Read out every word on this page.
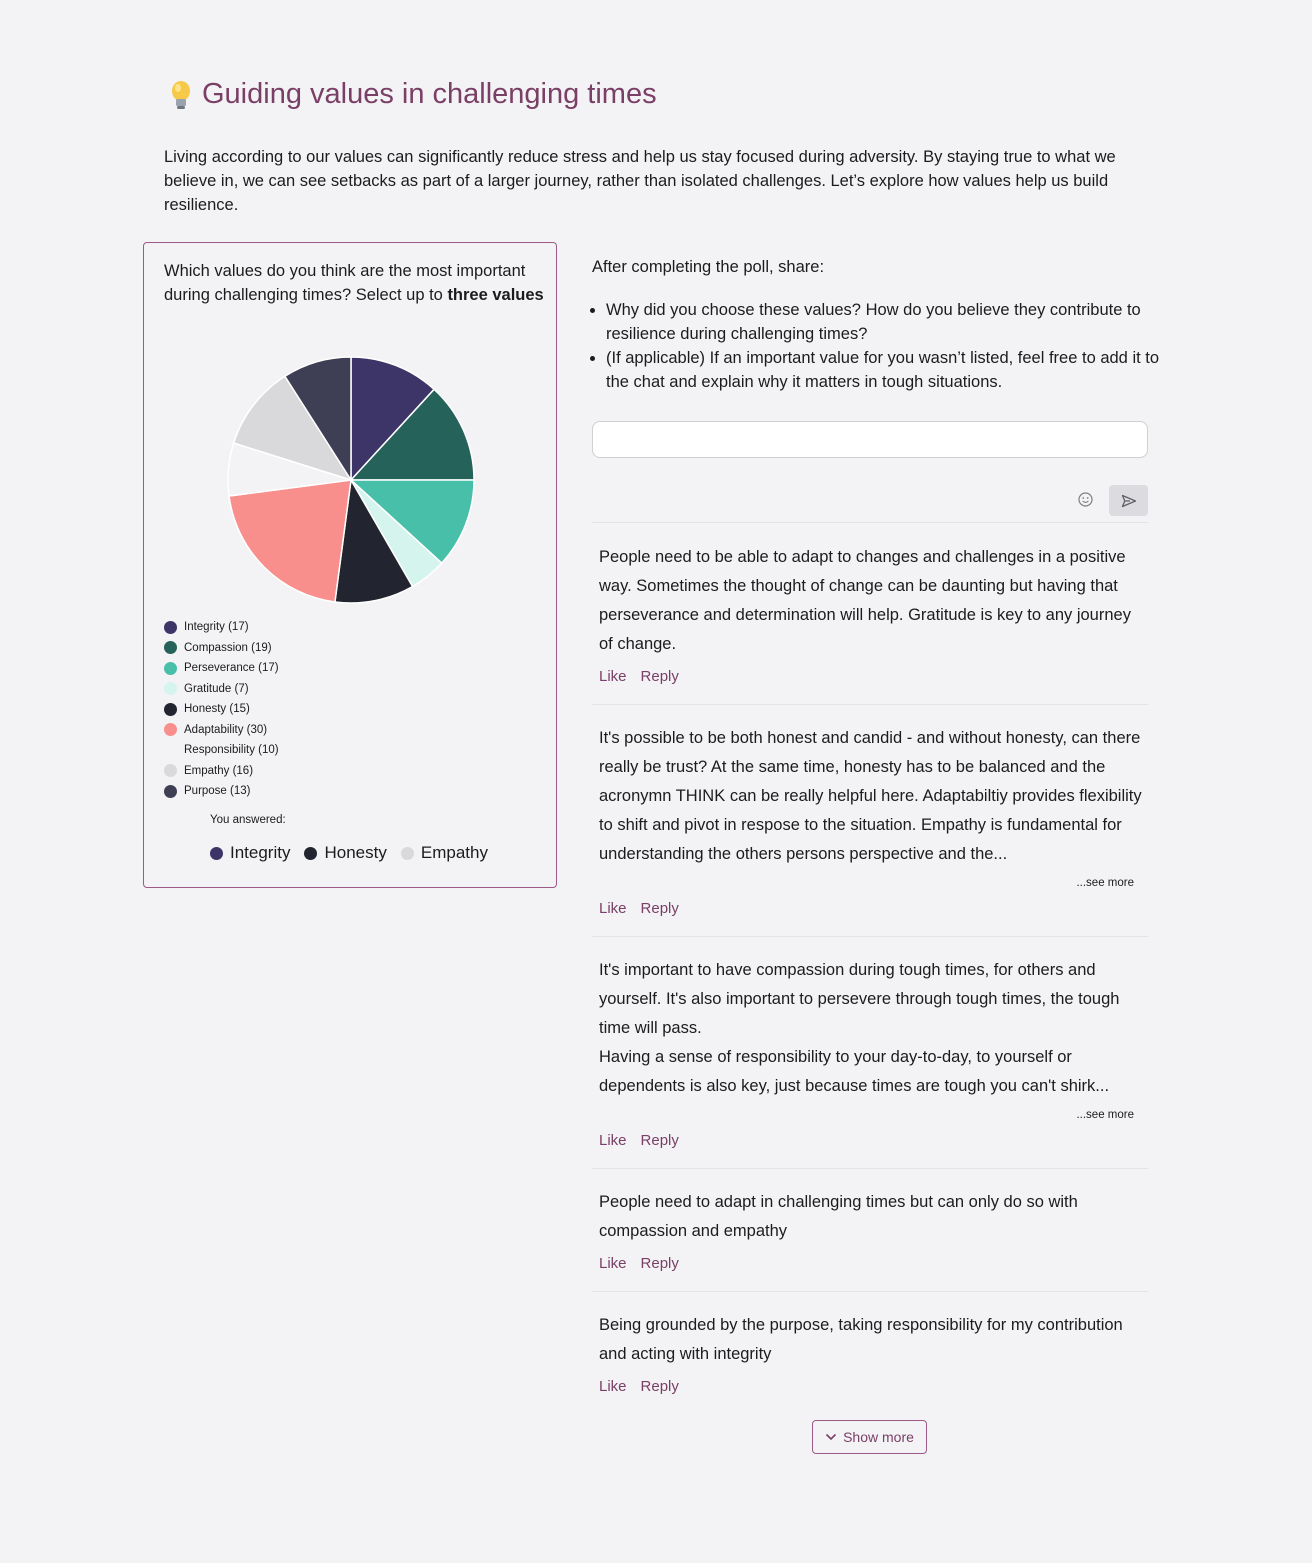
Guiding values in challenging times

Living according to our values can significantly reduce stress and help us stay focused during adversity. By staying true to what we believe in, we can see setbacks as part of a larger journey, rather than isolated challenges. Let’s explore how values help us build resilience.

Which values do you think are the most important during challenging times? Select up to three values

Integrity (17)
Compassion (19)
Perseverance (17)
Gratitude (7)
Honesty (15)
Adaptability (30)
Responsibility (10)
Empathy (16)
Purpose (13)
You answered:
Integrity Honesty Empathy

After completing the poll, share:

• Why did you choose these values? How do you believe they contribute to resilience during challenging times?
• (If applicable) If an important value for you wasn’t listed, feel free to add it to the chat and explain why it matters in tough situations.

People need to be able to adapt to changes and challenges in a positive way. Sometimes the thought of change can be daunting but having that perseverance and determination will help. Gratitude is key to any journey of change.

Like Reply

It's possible to be both honest and candid - and without honesty, can there really be trust? At the same time, honesty has to be balanced and the acronymn THINK can be really helpful here. Adaptabiltiy provides flexibility to shift and pivot in respose to the situation. Empathy is fundamental for understanding the others persons perspective and the...

...see more
Like Reply

It's important to have compassion during tough times, for others and yourself. It's also important to persevere through tough times, the tough time will pass.
Having a sense of responsibility to your day-to-day, to yourself or dependents is also key, just because times are tough you can't shirk...

...see more
Like Reply

People need to adapt in challenging times but can only do so with compassion and empathy

Like Reply

Being grounded by the purpose, taking responsibility for my contribution and acting with integrity

Like Reply
Show more
